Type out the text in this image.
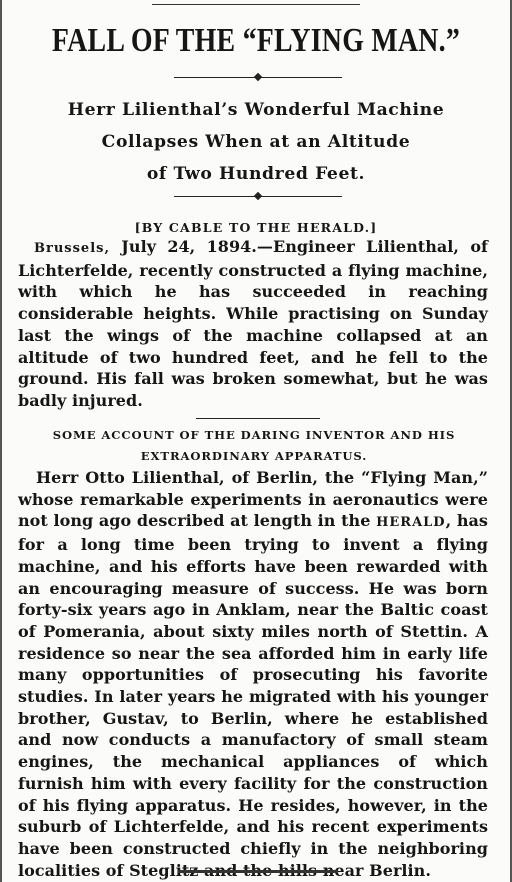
FALL OF THE “FLYING MAN.”
Herr Lilienthal’s Wonderful Machine
Collapses When at an Altitude
of Two Hundred Feet.
[BY CABLE TO THE HERALD.]

Brussels, July 24, 1894.—Engineer Lilienthal, of Lichterfelde, recently constructed a flying machine, with which he has succeeded in reaching considerable heights. While practising on Sunday last the wings of the machine collapsed at an altitude of two hundred feet, and he fell to the ground. His fall was broken somewhat, but he was badly injured.

SOME ACCOUNT OF THE DARING INVENTOR AND HIS EXTRAORDINARY APPARATUS.

Herr Otto Lilienthal, of Berlin, the “Flying Man,” whose remarkable experiments in aeronautics were not long ago described at length in the HERALD, has for a long time been trying to invent a flying machine, and his efforts have been rewarded with an encouraging measure of success. He was born forty-six years ago in Anklam, near the Baltic coast of Pomerania, about sixty miles north of Stettin. A residence so near the sea afforded him in early life many opportunities of prosecuting his favorite studies. In later years he migrated with his younger brother, Gustav, to Berlin, where he established and now conducts a manufactory of small steam engines, the mechanical appliances of which furnish him with every facility for the construction of his flying apparatus. He resides, however, in the suburb of Lichterfelde, and his recent experiments have been constructed chiefly in the neighboring localities of Steglitz and the hills near Berlin.
